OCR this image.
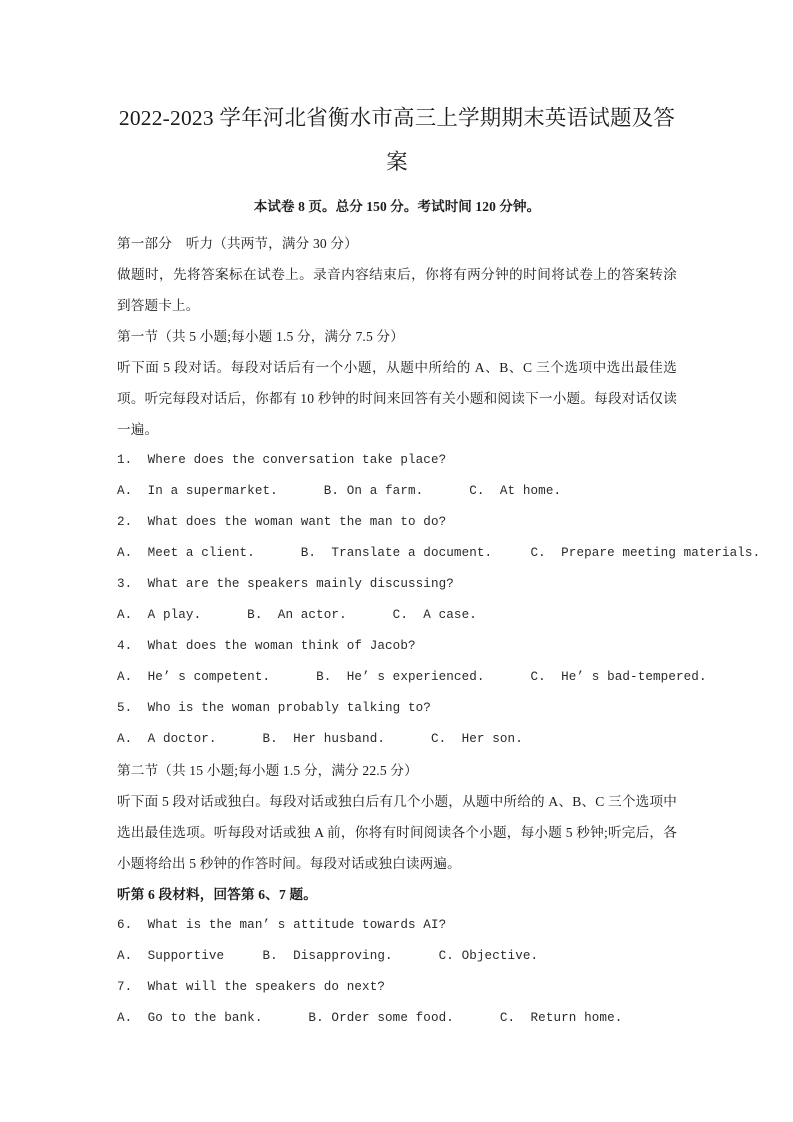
2022-2023 学年河北省衡水市高三上学期期末英语试题及答案

本试卷 8 页。总分 150 分。考试时间 120 分钟。

第一部分　听力（共两节，满分 30 分）

做题时，先将答案标在试卷上。录音内容结束后，你将有两分钟的时间将试卷上的答案转涂到答题卡上。

第一节（共 5 小题;每小题 1.5 分，满分 7.5 分）

听下面 5 段对话。每段对话后有一个小题，从题中所给的 A、B、C 三个选项中选出最佳选项。听完每段对话后，你都有 10 秒钟的时间来回答有关小题和阅读下一小题。每段对话仅读一遍。

1.  Where does the conversation take place?

A.  In a supermarket.      B. On a farm.      C.  At home.

2.  What does the woman want the man to do?

A.  Meet a client.      B.  Translate a document.     C.  Prepare meeting materials.

3.  What are the speakers mainly discussing?

A.  A play.      B.  An actor.      C.  A case.

4.  What does the woman think of Jacob?

A.  He’ s competent.      B.  He’ s experienced.      C.  He’ s bad-tempered.

5.  Who is the woman probably talking to?

A.  A doctor.      B.  Her husband.      C.  Her son.

第二节（共 15 小题;每小题 1.5 分，满分 22.5 分）

听下面 5 段对话或独白。每段对话或独白后有几个小题，从题中所给的 A、B、C 三个选项中选出最佳选项。听每段对话或独 A 前，你将有时间阅读各个小题，每小题 5 秒钟;听完后，各小题将给出 5 秒钟的作答时间。每段对话或独白读两遍。

听第 6 段材料，回答第 6、7 题。

6.  What is the man’ s attitude towards AI?

A.  Supportive     B.  Disapproving.      C. Objective.

7.  What will the speakers do next?

A.  Go to the bank.      B. Order some food.      C.  Return home.
